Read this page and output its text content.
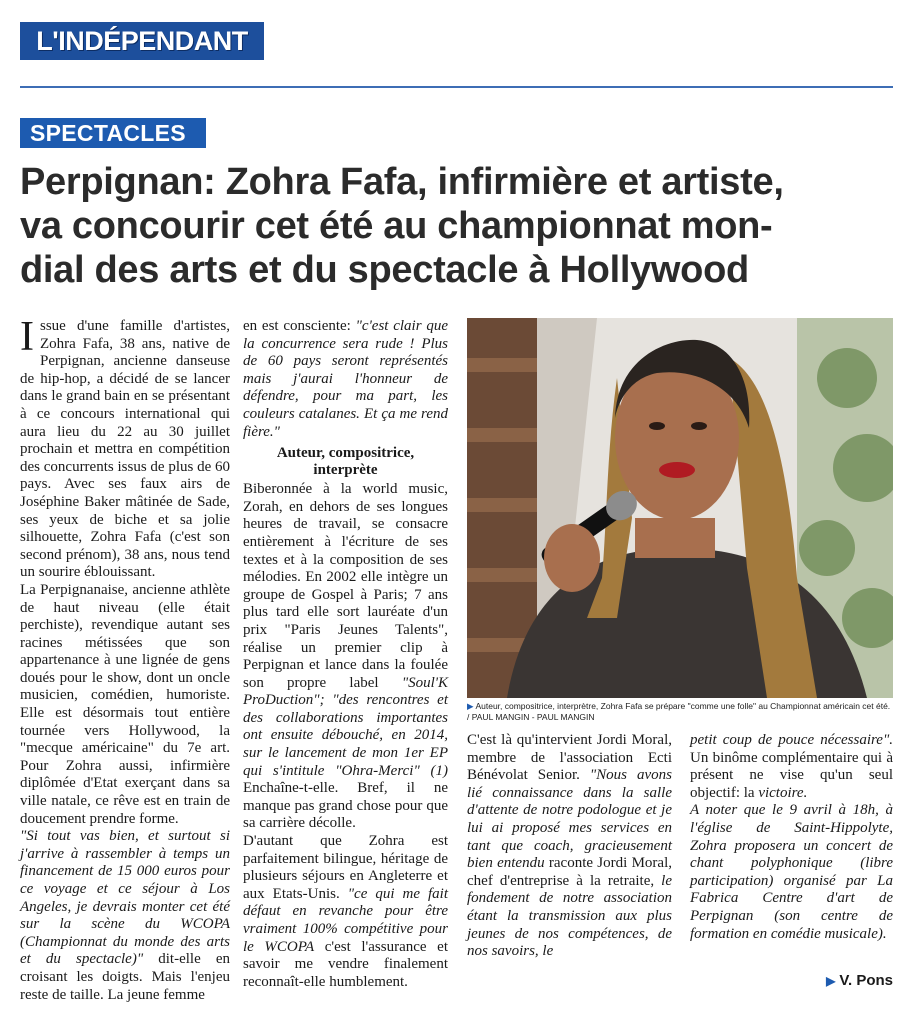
L'INDÉPENDANT
SPECTACLES
Perpignan: Zohra Fafa, infirmière et artiste,
va concourir cet été au championnat mon-
dial des arts et du spectacle à Hollywood

Issue d'une famille d'artistes, Zohra Fafa, 38 ans, native de Perpignan, ancienne danseuse de hip-hop, a décidé de se lancer dans le grand bain en se présentant à ce concours international qui aura lieu du 22 au 30 juillet prochain et mettra en compétition des concurrents issus de plus de 60 pays. Avec ses faux airs de Joséphine Baker mâtinée de Sade, ses yeux de biche et sa jolie silhouette, Zohra Fafa (c'est son second prénom), 38 ans, nous tend un sourire éblouissant.

La Perpignanaise, ancienne athlète de haut niveau (elle était perchiste), revendique autant ses racines métissées que son appartenance à une lignée de gens doués pour le show, dont un oncle musicien, comédien, humoriste. Elle est désormais tout entière tournée vers Hollywood, la "mecque américaine" du 7e art. Pour Zohra aussi, infirmière diplômée d'Etat exerçant dans sa ville natale, ce rêve est en train de doucement prendre forme.

"Si tout vas bien, et surtout si j'arrive à rassembler à temps un financement de 15 000 euros pour ce voyage et ce séjour à Los Angeles, je devrais monter cet été sur la scène du WCOPA (Championnat du monde des arts et du spectacle)" dit-elle en croisant les doigts. Mais l'enjeu reste de taille. La jeune femme

en est consciente: "c'est clair que la concurrence sera rude ! Plus de 60 pays seront représentés mais j'aurai l'honneur de défendre, pour ma part, les couleurs catalanes. Et ça me rend fière."

Auteur, compositrice, interprète

Biberonnée à la world music, Zorah, en dehors de ses longues heures de travail, se consacre entièrement à l'écriture de ses textes et à la composition de ses mélodies. En 2002 elle intègre un groupe de Gospel à Paris; 7 ans plus tard elle sort lauréate d'un prix "Paris Jeunes Talents", réalise un premier clip à Perpignan et lance dans la foulée son propre label "Soul'K ProDuction"; "des rencontres et des collaborations importantes ont ensuite débouché, en 2014, sur le lancement de mon 1er EP qui s'intitule "Ohra-Merci" (1) Enchaîne-t-elle. Bref, il ne manque pas grand chose pour que sa carrière décolle.

D'autant que Zohra est parfaitement bilingue, héritage de plusieurs séjours en Angleterre et aux Etats-Unis. "ce qui me fait défaut en revanche pour être vraiment 100% compétitive pour le WCOPA c'est l'assurance et savoir me vendre finalement reconnaît-elle humblement.

▶ Auteur, compositrice, interprètre, Zohra Fafa se prépare "comme une folle" au Championnat américain cet été. / PAUL MANGIN - PAUL MANGIN

C'est là qu'intervient Jordi Moral, membre de l'association Ecti Bénévolat Senior. "Nous avons lié connaissance dans la salle d'attente de notre podologue et je lui ai proposé mes services en tant que coach, gracieusement bien entendu raconte Jordi Moral, chef d'entreprise à la retraite, le fondement de notre association étant la transmission aux plus jeunes de nos compétences, de nos savoirs, le

petit coup de pouce nécessaire". Un binôme complémentaire qui à présent ne vise qu'un seul objectif: la victoire.

A noter que le 9 avril à 18h, à l'église de Saint-Hippolyte, Zohra proposera un concert de chant polyphonique (libre participation) organisé par La Fabrica Centre d'art de Perpignan (son centre de formation en comédie musicale).

▶ V. Pons
